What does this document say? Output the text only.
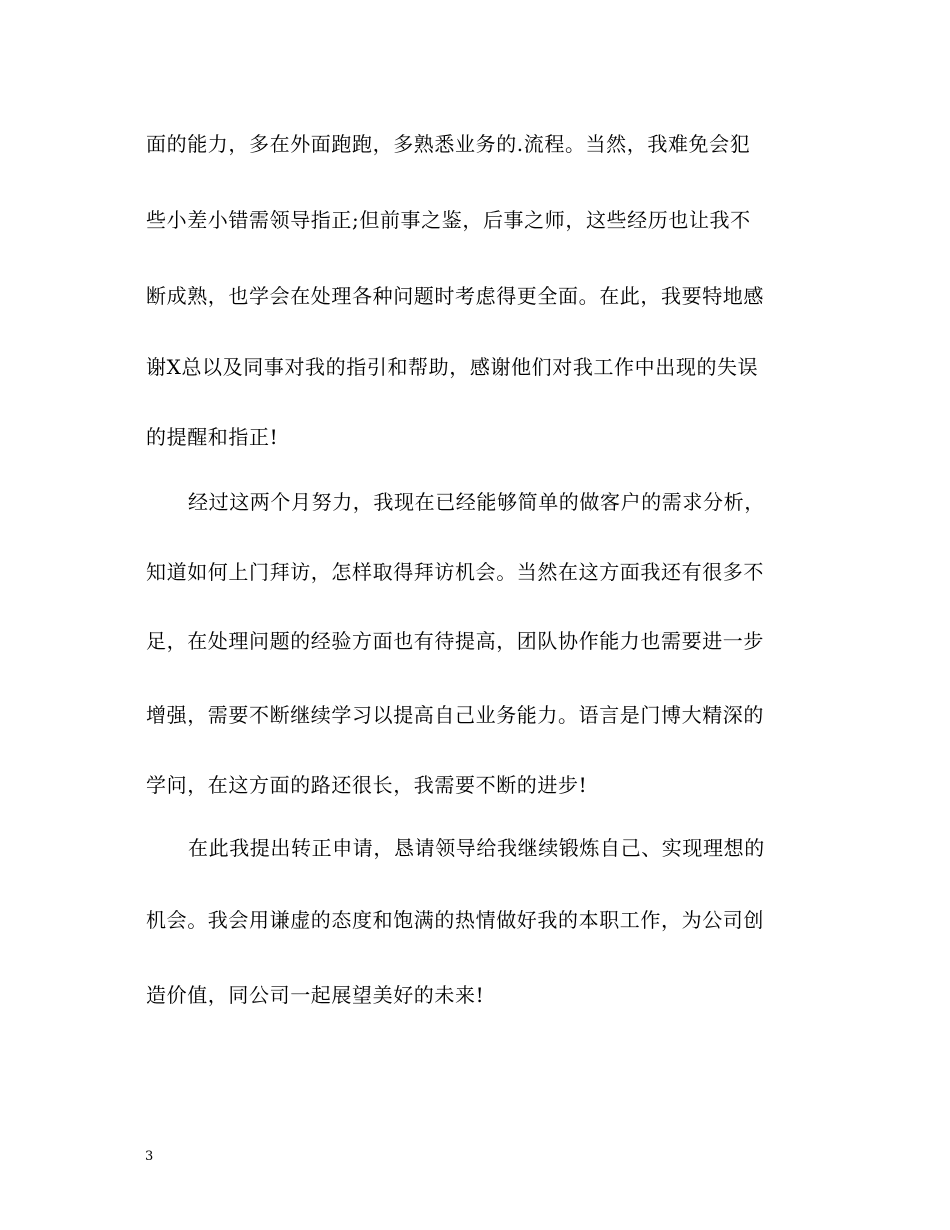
面的能力，多在外面跑跑，多熟悉业务的.流程。当然，我难免会犯
些小差小错需领导指正;但前事之鉴，后事之师，这些经历也让我不
断成熟，也学会在处理各种问题时考虑得更全面。在此，我要特地感
谢X总以及同事对我的指引和帮助，感谢他们对我工作中出现的失误
的提醒和指正!
经过这两个月努力，我现在已经能够简单的做客户的需求分析，
知道如何上门拜访，怎样取得拜访机会。当然在这方面我还有很多不
足，在处理问题的经验方面也有待提高，团队协作能力也需要进一步
增强，需要不断继续学习以提高自己业务能力。语言是门博大精深的
学问，在这方面的路还很长，我需要不断的进步!
在此我提出转正申请，恳请领导给我继续锻炼自己、实现理想的
机会。我会用谦虚的态度和饱满的热情做好我的本职工作，为公司创
造价值，同公司一起展望美好的未来!
3
